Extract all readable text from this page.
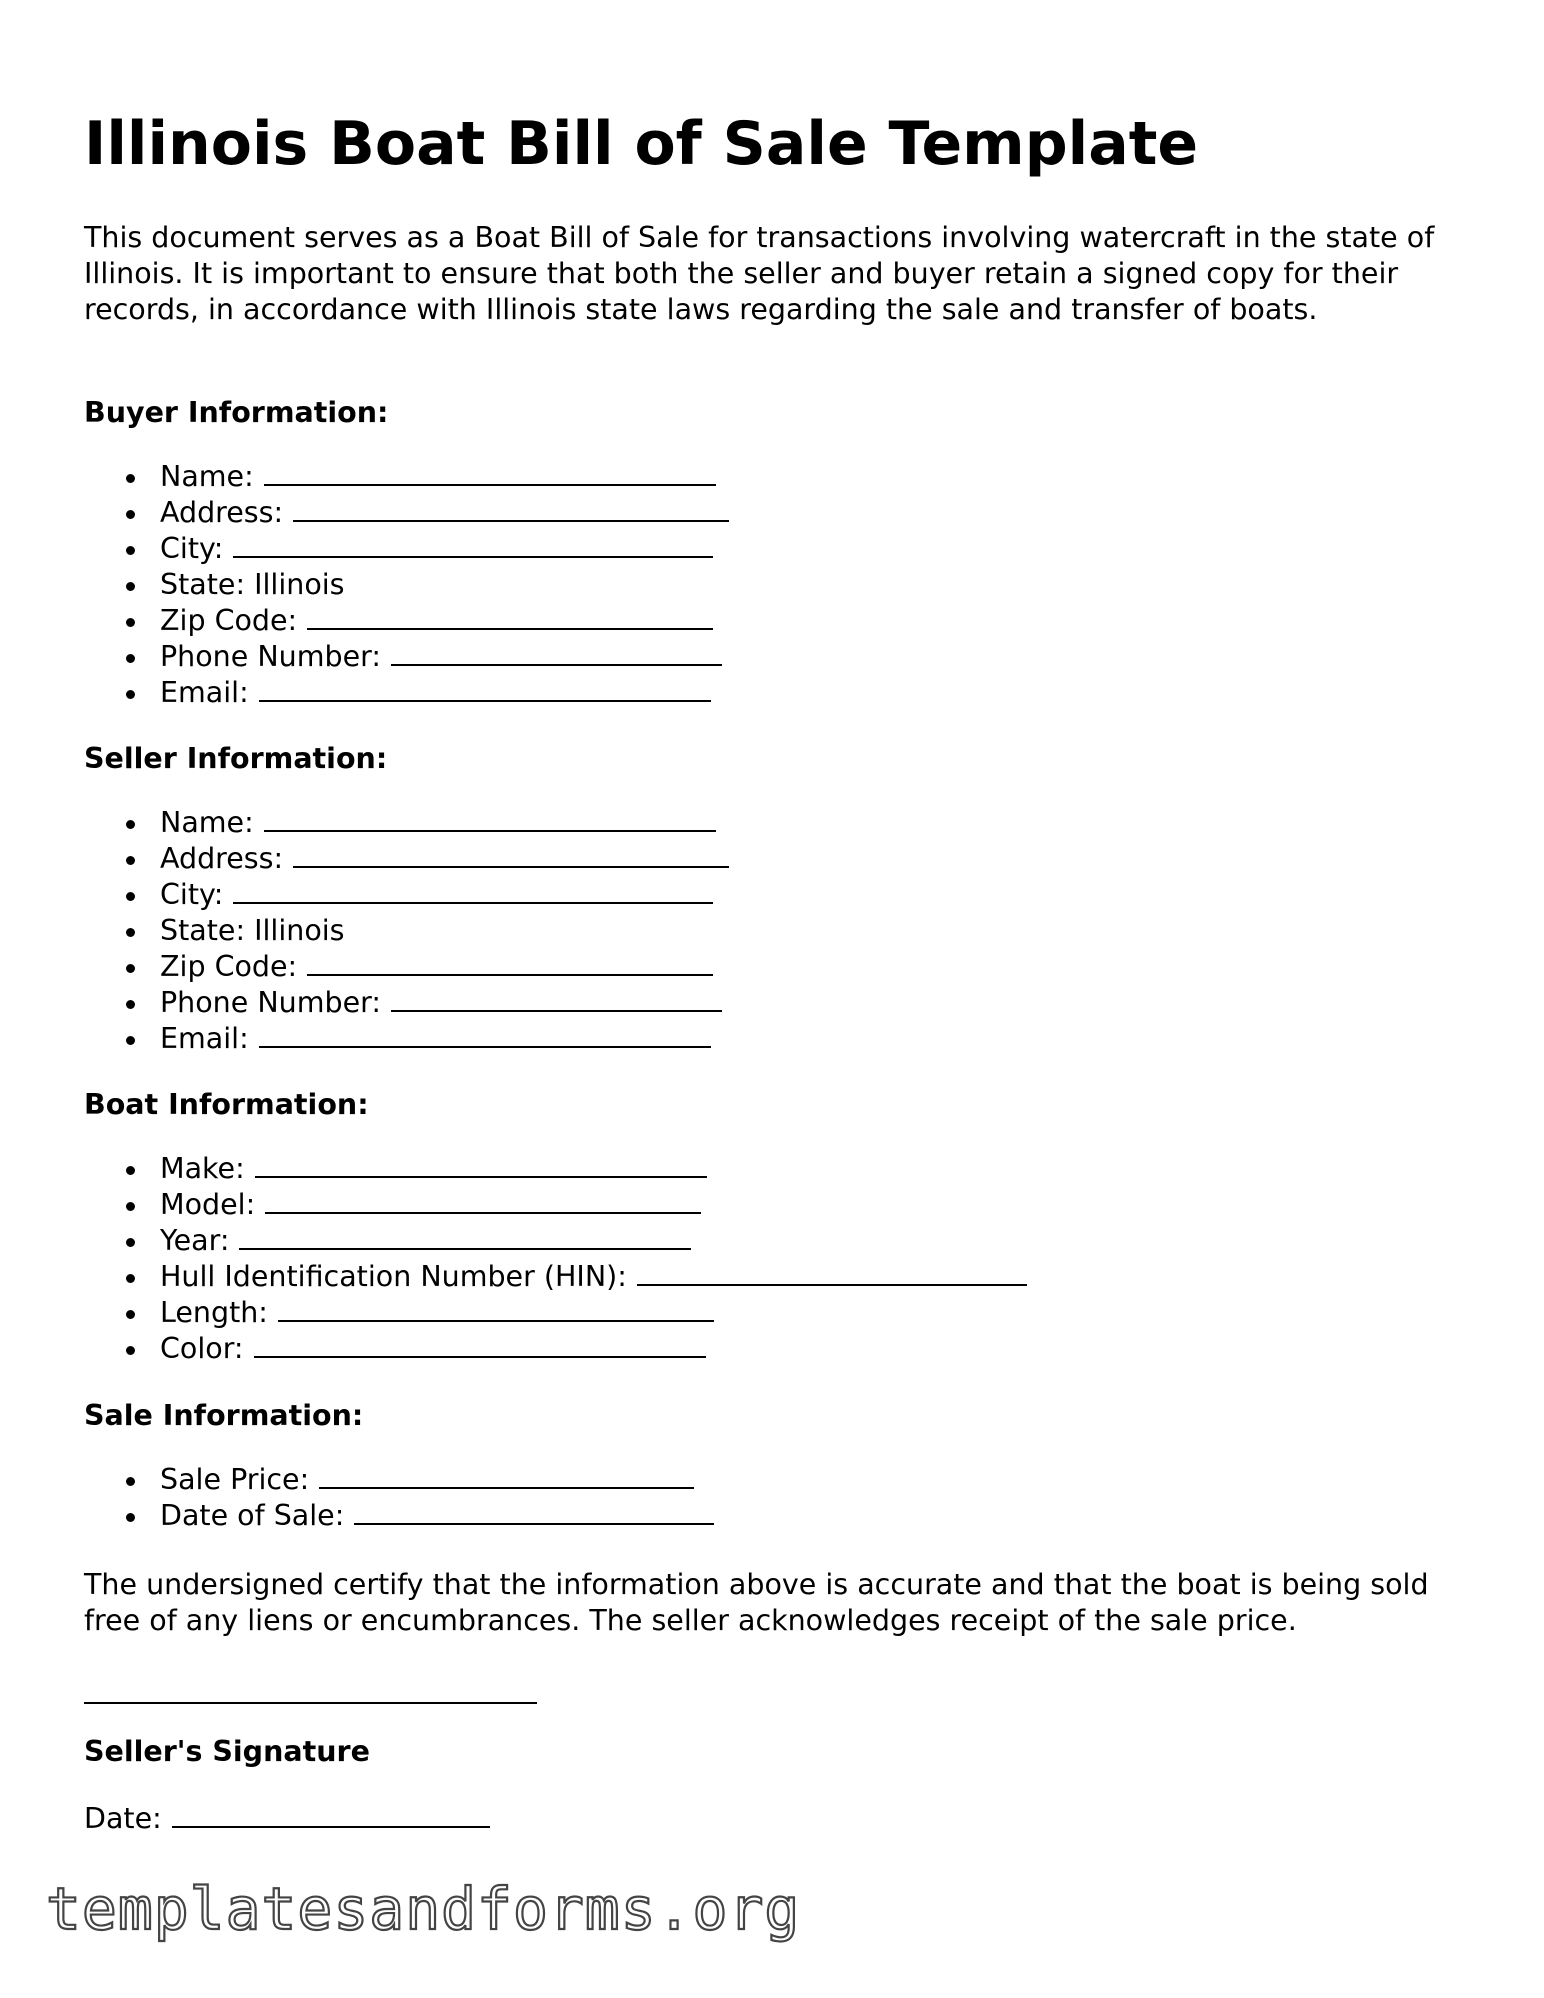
Illinois Boat Bill of Sale Template

This document serves as a Boat Bill of Sale for transactions involving watercraft in the state of Illinois. It is important to ensure that both the seller and buyer retain a signed copy for their records, in accordance with Illinois state laws regarding the sale and transfer of boats.

Buyer Information:
Name:
Address:
City:
State: Illinois
Zip Code:
Phone Number:
Email:
Seller Information:
Name:
Address:
City:
State: Illinois
Zip Code:
Phone Number:
Email:
Boat Information:
Make:
Model:
Year:
Hull Identification Number (HIN):
Length:
Color:
Sale Information:
Sale Price:
Date of Sale:

The undersigned certify that the information above is accurate and that the boat is being sold free of any liens or encumbrances. The seller acknowledges receipt of the sale price.

Seller's Signature
Date:
templatesandforms.org
